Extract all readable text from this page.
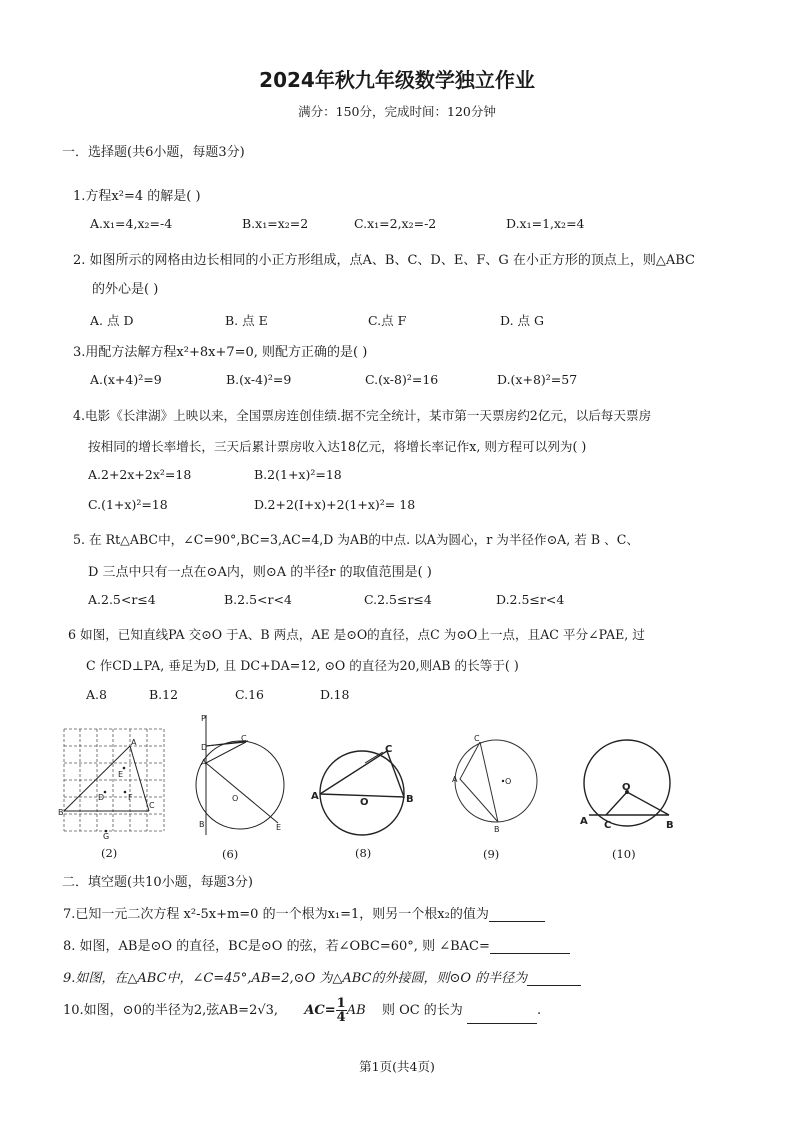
2024年秋九年级数学独立作业
满分：150分，完成时间：120分钟
一．选择题(共6小题，每题3分)
1.方程x²=4 的解是( )
A.x₁=4,x₂=-4	B.x₁=x₂=2	C.x₁=2,x₂=-2	D.x₁=1,x₂=4
2. 如图所示的网格由边长相同的小正方形组成，点A、B、C、D、E、F、G 在小正方形的顶点上，则△ABC
的外心是( )
A. 点 D	B. 点 E	C.点 F	D. 点 G
3.用配方法解方程x²+8x+7=0, 则配方正确的是( )
A.(x+4)²=9	B.(x-4)²=9	C.(x-8)²=16	D.(x+8)²=57
4.电影《长津湖》上映以来，全国票房连创佳绩.据不完全统计，某市第一天票房约2亿元，以后每天票房
按相同的增长率增长，三天后累计票房收入达18亿元，将增长率记作x, 则方程可以列为( )
A.2+2x+2x²=18	B.2(1+x)²=18
C.(1+x)²=18	D.2+2(I+x)+2(1+x)²= 18
5. 在 Rt△ABC中，∠C=90°,BC=3,AC=4,D 为AB的中点. 以A为圆心，r 为半径作⊙A, 若 B 、C、
D 三点中只有一点在⊙A内，则⊙A 的半径r 的取值范围是( )
A.2.5<r≤4	B.2.5<r<4	C.2.5≤r≤4	D.2.5≤r<4
6 如图，已知直线PA 交⊙O 于A、B 两点，AE 是⊙O的直径，点C 为⊙O上一点，且AC 平分∠PAE, 过
C 作CD⊥PA, 垂足为D, 且 DC+DA=12, ⊙O 的直径为20,则AB 的长等于( )
A.8	B.12	C.16	D.18
B
A
C
D
E
F
G
P
D
A
C
B	E
O	A
C
B
O
C
A
B
O
A C	B
O
(2)	(6)	(8)	(9)	(10)
二．填空题(共10小题，每题3分)
7.已知一元二次方程 x²-5x+m=0 的一个根为x₁=1，则另一个根x₂的值为
8. 如图，AB是⊙O 的直径，BC是⊙O 的弦，若∠OBC=60°, 则 ∠BAC=
9.如图，在△ABC中，∠C=45°,AB=2,⊙O 为△ABC的外接圆，则⊙O 的半径为
10.如图，⊙0的半径为2,弦AB=2√3, $AC= \frac{1}{4}$ AB 则 OC 的长为	.
第1页(共4页)
